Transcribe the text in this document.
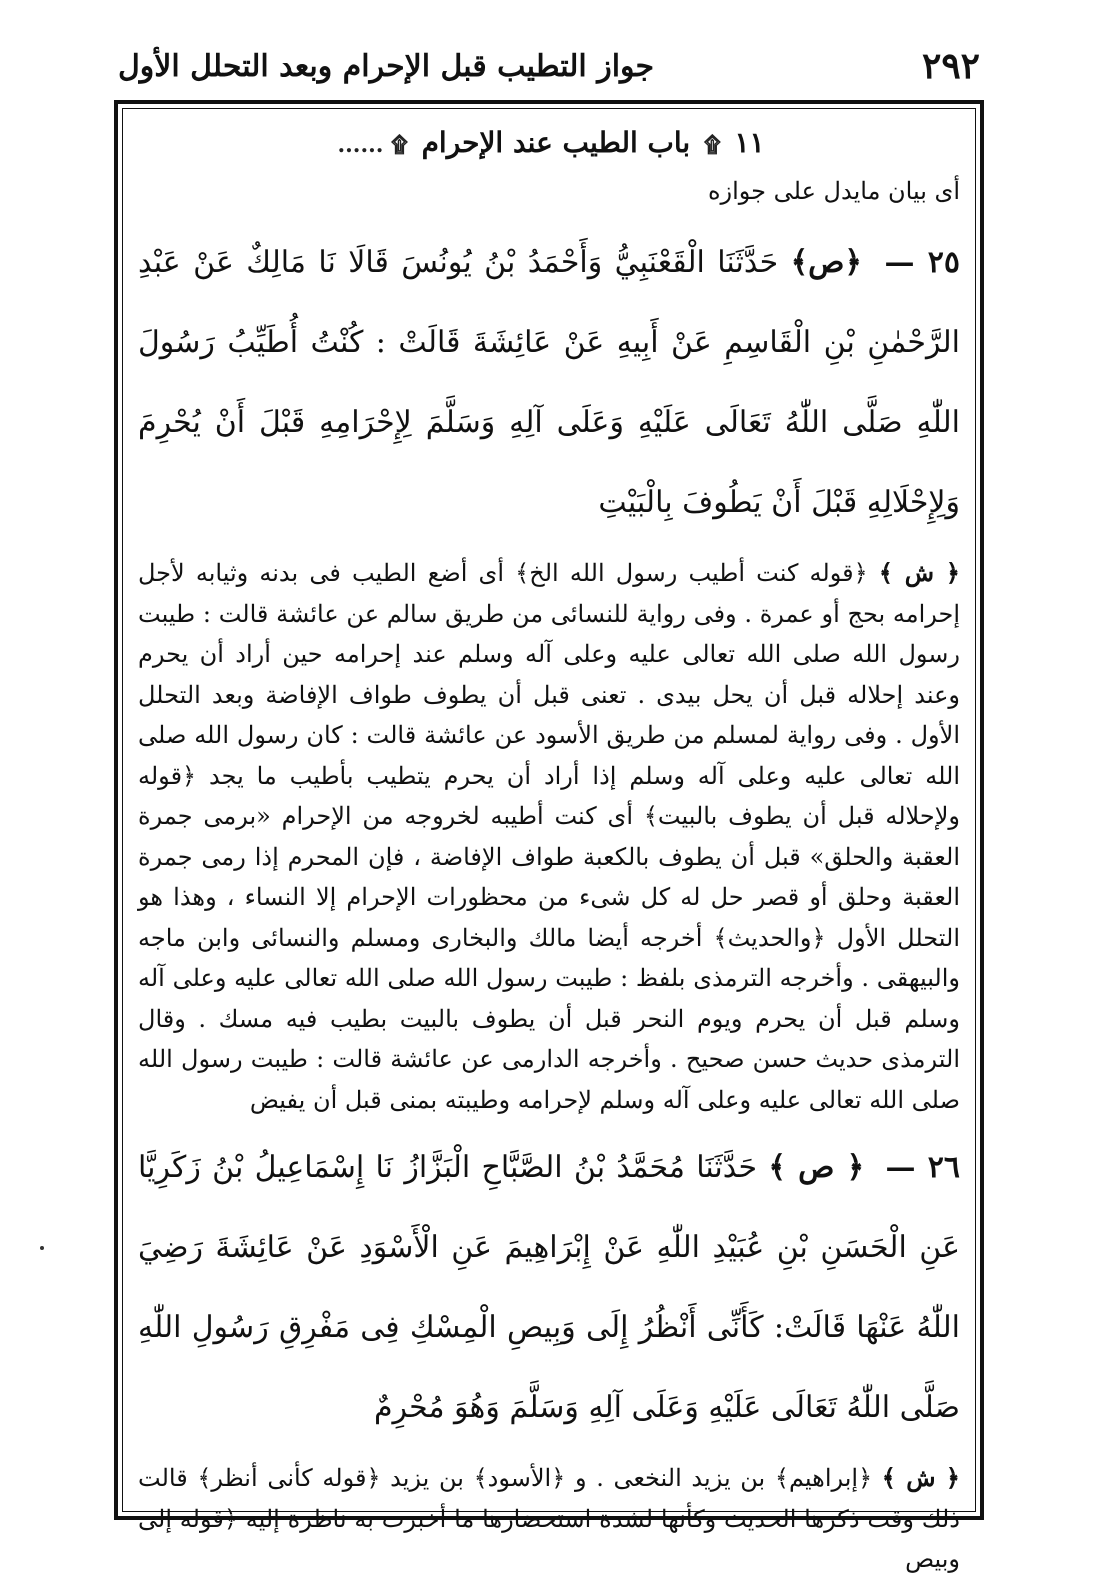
٢٩٢
جواز التطيب قبل الإحرام وبعد التحلل الأول
١١ ۩ باب الطيب عند الإحرام ۩ ......

أى بيان مايدل على جوازه

٢٥ — ﴿ص﴾ حَدَّثَنَا الْقَعْنَبِيُّ وَأَحْمَدُ بْنُ يُونُسَ قَالَا نَا مَالِكٌ عَنْ عَبْدِ الرَّحْمٰنِ بْنِ الْقَاسِمِ عَنْ أَبِيهِ عَنْ عَائِشَةَ قَالَتْ : كُنْتُ أُطَيِّبُ رَسُولَ اللّٰهِ صَلَّى اللّٰهُ تَعَالَى عَلَيْهِ وَعَلَى آلِهِ وَسَلَّمَ لِإِحْرَامِهِ قَبْلَ أَنْ يُحْرِمَ وَلِإِحْلَالِهِ قَبْلَ أَنْ يَطُوفَ بِالْبَيْتِ

﴿ ش ﴾ ﴿قوله كنت أطيب رسول الله الخ﴾ أى أضع الطيب فى بدنه وثيابه لأجل إحرامه بحج أو عمرة . وفى رواية للنسائى من طريق سالم عن عائشة قالت : طيبت رسول الله صلى الله تعالى عليه وعلى آله وسلم عند إحرامه حين أراد أن يحرم وعند إحلاله قبل أن يحل بيدى . تعنى قبل أن يطوف طواف الإفاضة وبعد التحلل الأول . وفى رواية لمسلم من طريق الأسود عن عائشة قالت : كان رسول الله صلى الله تعالى عليه وعلى آله وسلم إذا أراد أن يحرم يتطيب بأطيب ما يجد ﴿قوله ولإحلاله قبل أن يطوف بالبيت﴾ أى كنت أطيبه لخروجه من الإحرام «برمى جمرة العقبة والحلق» قبل أن يطوف بالكعبة طواف الإفاضة ، فإن المحرم إذا رمى جمرة العقبة وحلق أو قصر حل له كل شىء من محظورات الإحرام إلا النساء ، وهذا هو التحلل الأول ﴿والحديث﴾ أخرجه أيضا مالك والبخارى ومسلم والنسائى وابن ماجه والبيهقى . وأخرجه الترمذى بلفظ : طيبت رسول الله صلى الله تعالى عليه وعلى آله وسلم قبل أن يحرم ويوم النحر قبل أن يطوف بالبيت بطيب فيه مسك . وقال الترمذى حديث حسن صحيح . وأخرجه الدارمى عن عائشة قالت : طيبت رسول الله صلى الله تعالى عليه وعلى آله وسلم لإحرامه وطيبته بمنى قبل أن يفيض

٢٦ — ﴿ ص ﴾ حَدَّثَنَا مُحَمَّدُ بْنُ الصَّبَّاحِ الْبَزَّازُ نَا إِسْمَاعِيلُ بْنُ زَكَرِيَّا عَنِ الْحَسَنِ بْنِ عُبَيْدِ اللّٰهِ عَنْ إِبْرَاهِيمَ عَنِ الْأَسْوَدِ عَنْ عَائِشَةَ رَضِيَ اللّٰهُ عَنْهَا قَالَتْ: كَأَنِّى أَنْظُرُ إِلَى وَبِيصِ الْمِسْكِ فِى مَفْرِقِ رَسُولِ اللّٰهِ صَلَّى اللّٰهُ تَعَالَى عَلَيْهِ وَعَلَى آلِهِ وَسَلَّمَ وَهُوَ مُحْرِمٌ

﴿ ش ﴾ ﴿إبراهيم﴾ بن يزيد النخعى . و ﴿الأسود﴾ بن يزيد ﴿قوله كأنى أنظر﴾ قالت ذلك وقت ذكرها الحديث وكأنها لشدة استحضارها ما أخبرت به ناظرة إليه ﴿قوله إلى وبيص
